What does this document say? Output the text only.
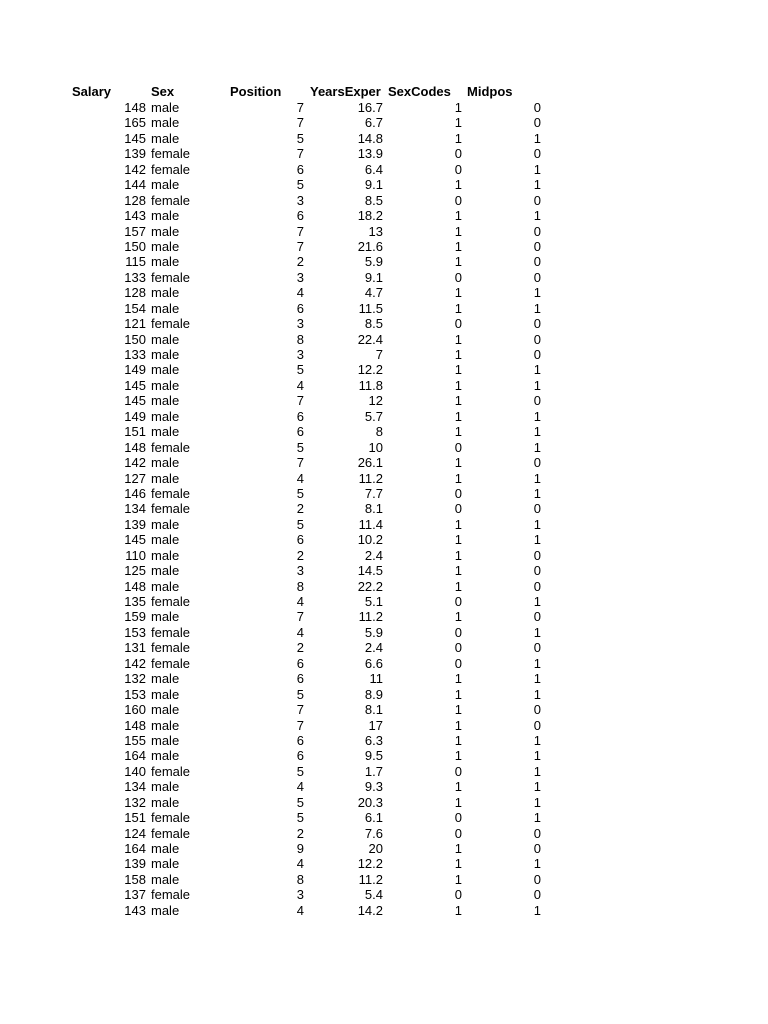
Salary	Sex	Position YearsExper SexCodes Midpos
148 male	7	16.7	1	0
165 male	7	6.7	1	0
145 male	5	14.8	1	1
139 female	7	13.9	0	0
142 female	6	6.4	0	1
144 male	5	9.1	1	1
128 female	3	8.5	0	0
143 male	6	18.2	1	1
157 male	7	13	1	0
150 male	7	21.6	1	0
115 male	2	5.9	1	0
133 female	3	9.1	0	0
128 male	4	4.7	1	1
154 male	6	11.5	1	1
121 female	3	8.5	0	0
150 male	8	22.4	1	0
133 male	3	7	1	0
149 male	5	12.2	1	1
145 male	4	11.8	1	1
145 male	7	12	1	0
149 male	6	5.7	1	1
151 male	6	8	1	1
148 female	5	10	0	1
142 male	7	26.1	1	0
127 male	4	11.2	1	1
146 female	5	7.7	0	1
134 female	2	8.1	0	0
139 male	5	11.4	1	1
145 male	6	10.2	1	1
110 male	2	2.4	1	0
125 male	3	14.5	1	0
148 male	8	22.2	1	0
135 female	4	5.1	0	1
159 male	7	11.2	1	0
153 female	4	5.9	0	1
131 female	2	2.4	0	0
142 female	6	6.6	0	1
132 male	6	11	1	1
153 male	5	8.9	1	1
160 male	7	8.1	1	0
148 male	7	17	1	0
155 male	6	6.3	1	1
164 male	6	9.5	1	1
140 female	5	1.7	0	1
134 male	4	9.3	1	1
132 male	5	20.3	1	1
151 female	5	6.1	0	1
124 female	2	7.6	0	0
164 male	9	20	1	0
139 male	4	12.2	1	1
158 male	8	11.2	1	0
137 female	3	5.4	0	0
143 male	4	14.2	1	1
